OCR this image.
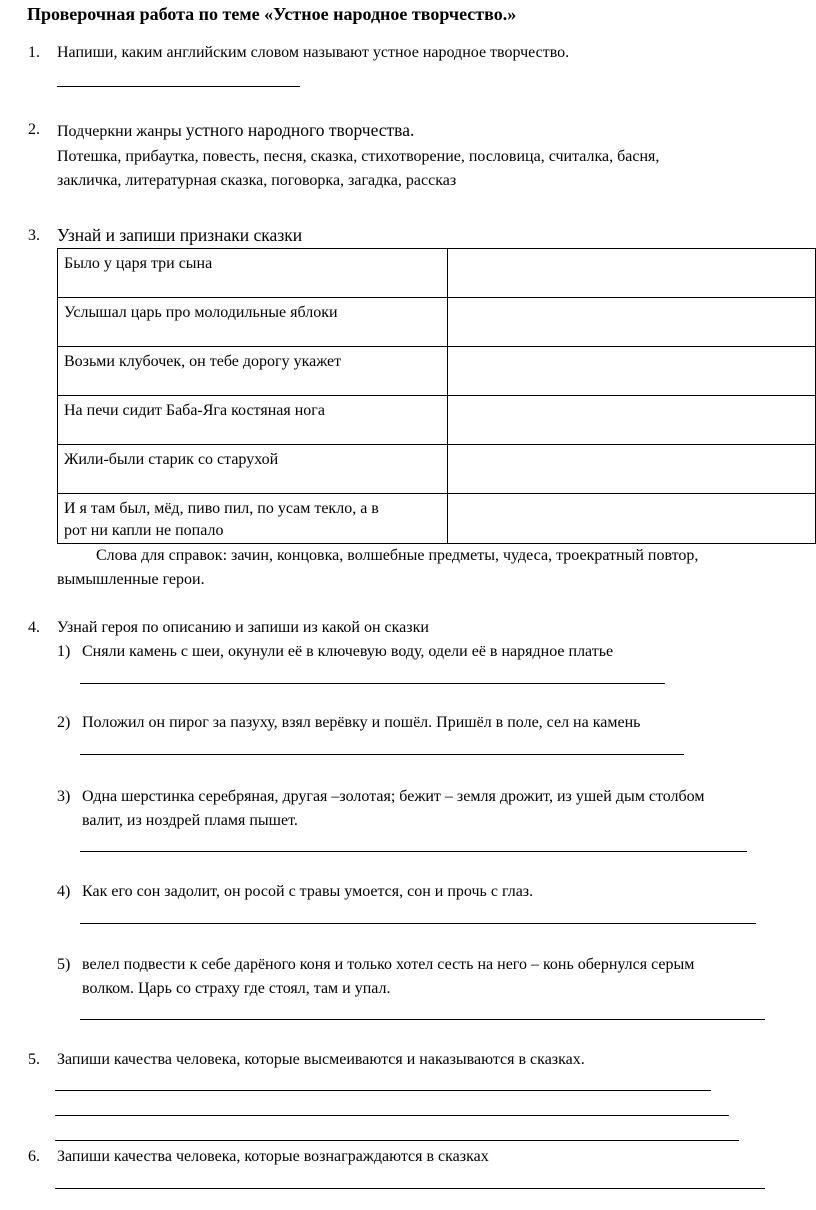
Проверочная работа по теме «Устное народное творчество.»
1. Напиши, каким английским словом называют устное народное творчество.
2. Подчеркни жанры устного народного творчества.
Потешка, прибаутка, повесть, песня, сказка, стихотворение, пословица, считалка, басня,
закличка, литературная сказка, поговорка, загадка, рассказ
3. Узнай и запиши признаки сказки
Было у царя три сына	

Услышал царь про молодильные яблоки	

Возьми клубочек, он тебе дорогу укажет	

На печи сидит Баба-Яга костяная нога	

Жили-были старик со старухой	

И я там был, мёд, пиво пил, по усам текло, а в
рот ни капли не попало	

Слова для справок: зачин, концовка, волшебные предметы, чудеса, троекратный повтор,
вымышленные герои.
4. Узнай героя по описанию и запиши из какой он сказки
1) Сняли камень с шеи, окунули её в ключевую воду, одели её в нарядное платье
2) Положил он пирог за пазуху, взял верёвку и пошёл. Пришёл в поле, сел на камень
3) Одна шерстинка серебряная, другая –золотая; бежит – земля дрожит, из ушей дым столбом
валит, из ноздрей пламя пышет.
4) Как его сон задолит, он росой с травы умоется, сон и прочь с глаз.
5) велел подвести к себе дарёного коня и только хотел сесть на него – конь обернулся серым
волком. Царь со страху где стоял, там и упал.
5. Запиши качества человека, которые высмеиваются и наказываются в сказках.
6. Запиши качества человека, которые вознаграждаются в сказках
